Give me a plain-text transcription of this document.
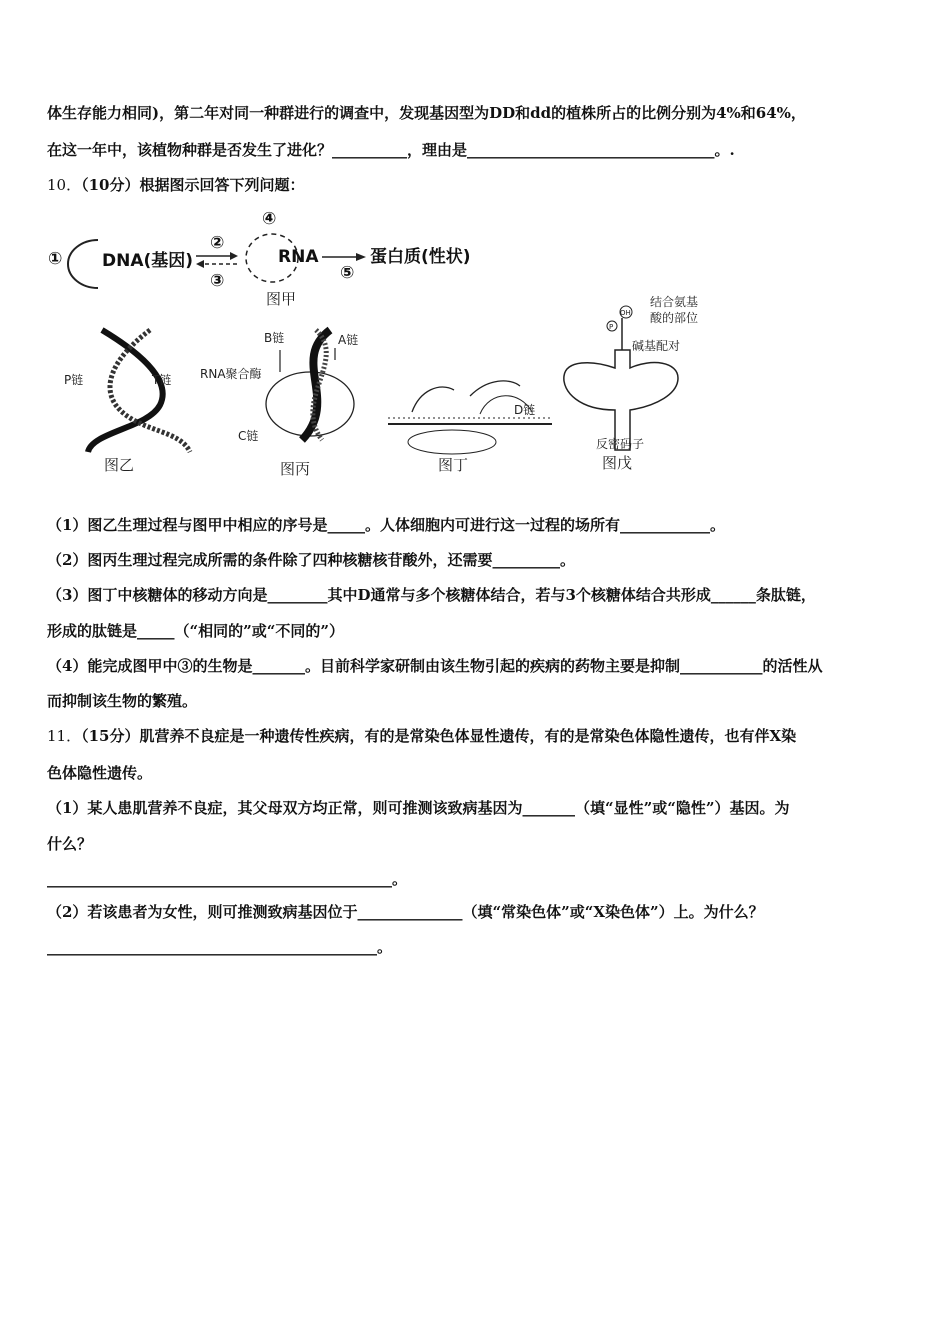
体生存能力相同)，第二年对同一种群进行的调查中，发现基因型为DD和dd的植株所占的比例分别为4%和64%，
在这一年中，该植物种群是否发生了进化？__________，理由是_________________________________。.
10．（10分）根据图示回答下列问题：
① DNA(基因)
②
③
④
RNA
⑤
蛋白质(性状)
图甲
P链	T链
图乙
B链	A链
RNA聚合酶
C链
图丙
D链
图丁
OH
P
结合氨基
酸的部位
碱基配对
反密码子
图戊
（1）图乙生理过程与图甲中相应的序号是_____。人体细胞内可进行这一过程的场所有____________。
（2）图丙生理过程完成所需的条件除了四种核糖核苷酸外，还需要_________。
（3）图丁中核糖体的移动方向是________其中D通常与多个核糖体结合，若与3个核糖体结合共形成______条肽链，
形成的肽链是_____（“相同的”或“不同的”）
（4）能完成图甲中③的生物是_______。目前科学家研制由该生物引起的疾病的药物主要是抑制___________的活性从
而抑制该生物的繁殖。
11．（15分）肌营养不良症是一种遗传性疾病，有的是常染色体显性遗传，有的是常染色体隐性遗传，也有伴X染
色体隐性遗传。
（1）某人患肌营养不良症，其父母双方均正常，则可推测该致病基因为_______（填“显性”或“隐性”）基因。为
什么？
______________________________________________。
（2）若该患者为女性，则可推测致病基因位于______________（填“常染色体”或“X染色体”）上。为什么？
____________________________________________。
